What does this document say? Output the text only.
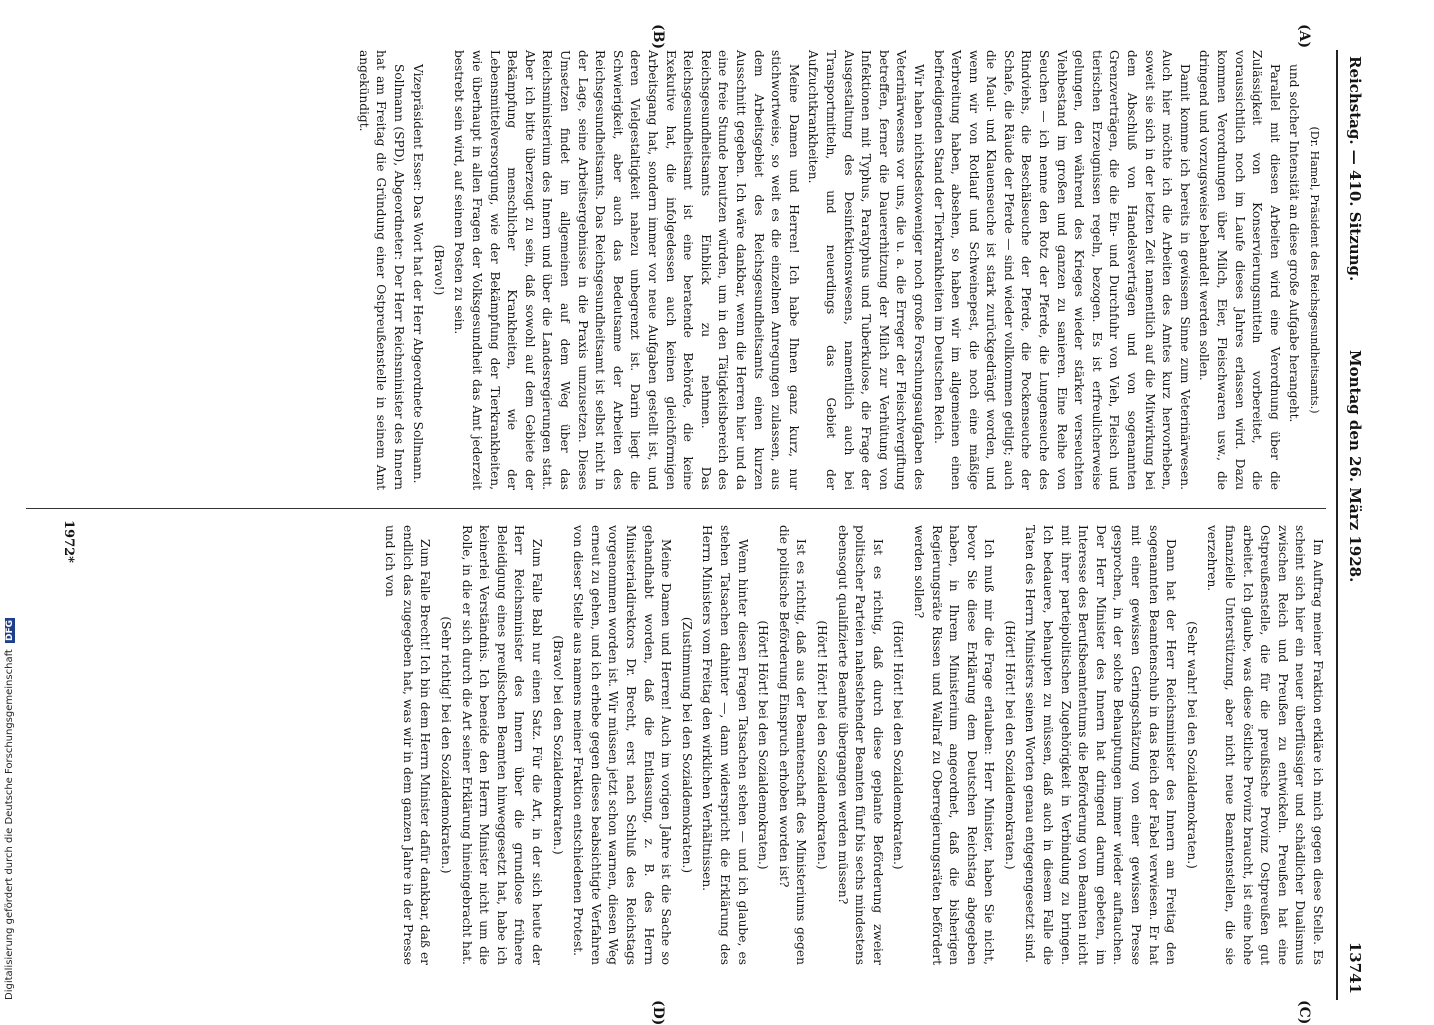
Reichstag. — 410. Sitzung.
Montag den 26. März 1928.
13741

(Dr. Hamel, Präsident des Reichsgesundheitsamts.)

und solcher Intensität an diese große Aufgabe herangeht.

Parallel mit diesen Arbeiten wird eine Verordnung über die Zulässigkeit von Konservierungsmitteln vorbereitet, die voraussichtlich noch im Laufe dieses Jahres erlassen wird. Dazu kommen Verordnungen über Milch, Eier, Fleischwaren usw., die dringend und vorzugsweise behandelt werden sollen.

Damit komme ich bereits in gewissem Sinne zum Veterinärwesen. Auch hier möchte ich die Arbeiten des Amtes kurz hervorheben, soweit sie sich in der letzten Zeit namentlich auf die Mitwirkung bei dem Abschluß von Handelsverträgen und von sogenannten Grenzverträgen, die die Ein- und Durchfuhr von Vieh, Fleisch und tierischen Erzeugnissen regeln, bezogen. Es ist erfreulicherweise gelungen, den während des Krieges wieder stärker verseuchten Viehbestand im großen und ganzen zu sanieren. Eine Reihe von Seuchen — ich nenne den Rotz der Pferde, die Lungenseuche des Rindviehs, die Beschälseuche der Pferde, die Pockenseuche der Schafe, die Räude der Pferde — sind wieder vollkommen getilgt; auch die Maul- und Klauenseuche ist stark zurückgedrängt worden, und wenn wir von Rotlauf und Schweinepest, die noch eine mäßige Verbreitung haben, absehen, so haben wir im allgemeinen einen befriedigenden Stand der Tierkrankheiten im Deutschen Reich.

Wir haben nichtsdestoweniger noch große Forschungsaufgaben des Veterinärwesens vor uns, die u. a. die Erreger der Fleischvergiftung betreffen, ferner die Dauererhitzung der Milch zur Verhütung von Infektionen mit Typhus, Paratyphus und Tuberkulose, die Frage der Ausgestaltung des Desinfektionswesens, namentlich auch bei Transportmitteln, und neuerdings das Gebiet der Aufzuchtkrankheiten.

Meine Damen und Herren! Ich habe Ihnen ganz kurz, nur stichwortweise, so weit es die einzelnen Anregungen zulassen, aus dem Arbeitsgebiet des Reichsgesundheitsamts einen kurzen Ausschnitt gegeben. Ich wäre dankbar, wenn die Herren hier und da eine freie Stunde benutzen würden, um in den Tätigkeitsbereich des Reichsgesundheitsamts Einblick zu nehmen. Das Reichsgesundheitsamt ist eine beratende Behörde, die keine Exekutive hat, die infolgedessen auch keinen gleichförmigen Arbeitsgang hat, sondern immer vor neue Aufgaben gestellt ist, und deren Vielgestaltigkeit nahezu unbegrenzt ist. Darin liegt die Schwierigkeit, aber auch das Bedeutsame der Arbeiten des Reichsgesundheitsamts. Das Reichsgesundheitsamt ist selbst nicht in der Lage, seine Arbeitsergebnisse in die Praxis umzusetzen. Dieses Umsetzen findet im allgemeinen auf dem Weg über das Reichsministerium des Innern und über die Landesregierungen statt. Aber ich bitte überzeugt zu sein, daß sowohl auf dem Gebiete der Bekämpfung menschlicher Krankheiten, wie der Lebensmittelversorgung, wie der Bekämpfung der Tierkrankheiten, wie überhaupt in allen Fragen der Volksgesundheit das Amt jederzeit bestrebt sein wird, auf seinem Posten zu sein.

(Bravo!)

Vizepräsident Esser: Das Wort hat der Herr Abgeordnete Sollmann.

Sollmann (SPD), Abgeordneter: Der Herr Reichsminister des Innern hat am Freitag die Gründung einer Ostpreußenstelle in seinem Amt angekündigt.

Im Auftrag meiner Fraktion erkläre ich mich gegen diese Stelle. Es scheint sich hier ein neuer überflüssiger und schädlicher Dualismus zwischen Reich und Preußen zu entwickeln. Preußen hat eine Ostpreußenstelle, die für die preußische Provinz Ostpreußen gut arbeitet. Ich glaube, was diese östliche Provinz braucht, ist eine hohe finanzielle Unterstützung, aber nicht neue Beamtenstellen, die sie verzehren.

(Sehr wahr! bei den Sozialdemokraten.)

Dann hat der Herr Reichsminister des Innern am Freitag den sogenannten Beamtenschub in das Reich der Fabel verwiesen. Er hat mit einer gewissen Geringschätzung von einer gewissen Presse gesprochen, in der solche Behauptungen immer wieder auftauchen. Der Herr Minister des Innern hat dringend darum gebeten, im Interesse des Berufsbeamtentums die Beförderung von Beamten nicht mit ihrer parteipolitischen Zugehörigkeit in Verbindung zu bringen. Ich bedauere, behaupten zu müssen, daß auch in diesem Falle die Taten des Herrn Ministers seinen Worten genau entgegengesetzt sind.

(Hört! Hört! bei den Sozialdemokraten.)

Ich muß mir die Frage erlauben: Herr Minister, haben Sie nicht, bevor Sie diese Erklärung dem Deutschen Reichstag abgegeben haben, in Ihrem Ministerium angeordnet, daß die bisherigen Regierungsräte Rissen und Wallraf zu Oberregierungsräten befördert werden sollen?

(Hört! Hört! bei den Sozialdemokraten.)

Ist es richtig, daß durch diese geplante Beförderung zweier politischer Parteien nahestehender Beamten fünf bis sechs mindestens ebensogut qualifizierte Beamte übergangen werden müssen?

(Hört! Hört! bei den Sozialdemokraten.)

Ist es richtig, daß aus der Beamtenschaft des Ministeriums gegen die politische Beförderung Einspruch erhoben worden ist?

(Hört! Hört! bei den Sozialdemokraten.)

Wenn hinter diesen Fragen Tatsachen stehen — und ich glaube, es stehen Tatsachen dahinter —, dann widerspricht die Erklärung des Herrn Ministers vom Freitag den wirklichen Verhältnissen.

(Zustimmung bei den Sozialdemokraten.)

Meine Damen und Herren! Auch im vorigen Jahre ist die Sache so gehandhabt worden, daß die Entlassung, z. B. des Herrn Ministerialdirektors Dr. Brecht, erst nach Schluß des Reichstags vorgenommen worden ist. Wir müssen jetzt schon warnen, diesen Weg erneut zu gehen, und ich erhebe gegen dieses beabsichtigte Verfahren von dieser Stelle aus namens meiner Fraktion entschiedenen Protest.

(Bravo! bei den Sozialdemokraten.)

Zum Falle Babl nur einen Satz. Für die Art, in der sich heute der Herr Reichsminister des Innern über die grundlose frühere Beleidigung eines preußischen Beamten hinweggesetzt hat, habe ich keinerlei Verständnis. Ich beneide den Herrn Minister nicht um die Rolle, in die er sich durch die Art seiner Erklärung hineingebracht hat.

(Sehr richtig! bei den Sozialdemokraten.)

Zum Falle Brecht! Ich bin dem Herrn Minister dafür dankbar, daß er endlich das zugegeben hat, was wir in dem ganzen Jahre in der Presse und ich von

(A)
(B)
(C)
(D)
1972*
Digitalisierung gefördert durch die Deutsche Forschungsgemeinschaft DFG
